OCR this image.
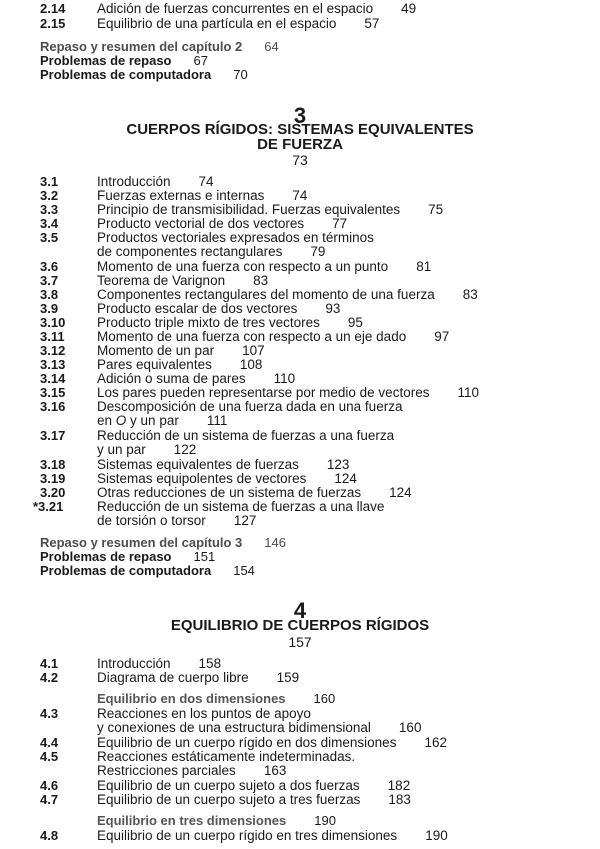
2.14 Adición de fuerzas concurrentes en el espacio 49
2.15 Equilibrio de una partícula en el espacio 57
Repaso y resumen del capítulo 2 64
Problemas de repaso 67
Problemas de computadora 70
3
CUERPOS RÍGIDOS: SISTEMAS EQUIVALENTES
DE FUERZA
73
3.1	Introducción 74
3.2	Fuerzas externas e internas 74
3.3	Principio de transmisibilidad. Fuerzas equivalentes 75
3.4	Producto vectorial de dos vectores 77
3.5	Productos vectoriales expresados en términos
de componentes rectangulares 79
3.6	Momento de una fuerza con respecto a un punto 81
3.7	Teorema de Varignon 83
3.8	Componentes rectangulares del momento de una fuerza 83
3.9	Producto escalar de dos vectores 93
3.10 Producto triple mixto de tres vectores 95
3.11 Momento de una fuerza con respecto a un eje dado 97
3.12 Momento de un par 107
3.13 Pares equivalentes 108
3.14 Adición o suma de pares 110
3.15 Los pares pueden representarse por medio de vectores 110
3.16 Descomposición de una fuerza dada en una fuerza
en O y un par 111
3.17 Reducción de un sistema de fuerzas a una fuerza
y un par 122
3.18 Sistemas equivalentes de fuerzas 123
3.19 Sistemas equipolentes de vectores 124
3.20 Otras reducciones de un sistema de fuerzas 124
*3.21 Reducción de un sistema de fuerzas a una llave
de torsión o torsor 127
Repaso y resumen del capítulo 3 146
Problemas de repaso 151
Problemas de computadora 154
4
EQUILIBRIO DE CUERPOS RÍGIDOS
157
4.1	Introducción 158
4.2	Diagrama de cuerpo libre 159
Equilibrio en dos dimensiones 160
4.3	Reacciones en los puntos de apoyo
y conexiones de una estructura bidimensional 160
4.4	Equilibrio de un cuerpo rígido en dos dimensiones 162
4.5	Reacciones estáticamente indeterminadas.
Restricciones parciales 163
4.6	Equilibrio de un cuerpo sujeto a dos fuerzas 182
4.7	Equilibrio de un cuerpo sujeto a tres fuerzas 183
Equilibrio en tres dimensiones 190
4.8	Equilibrio de un cuerpo rígido en tres dimensiones 190
